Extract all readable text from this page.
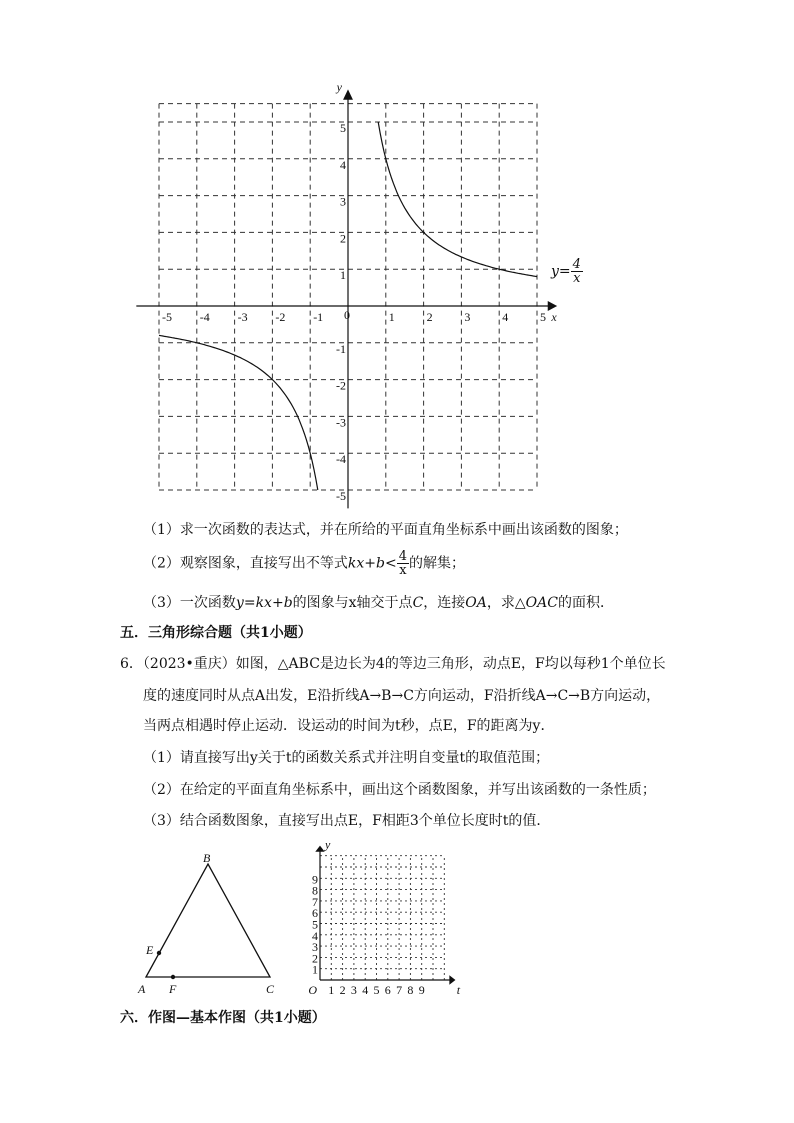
-5 -4 -3 -2 -1	1	2	3	4	5
5
4
3
2
1
-1
-2
-3
-4
-5
0	x
y
$y= \frac{4}{x}$
（1）求一次函数的表达式，并在所给的平面直角坐标系中画出该函数的图象；
（2）观察图象，直接写出不等式$kx+b< \frac{4}{x}$ 的解集；
（3）一次函数y=kx+b的图象与x轴交于点C，连接OA，求△OAC的面积．
五．三角形综合题（共1小题）
6．（2023•重庆）如图，△ABC是边长为4的等边三角形，动点E，F均以每秒1个单位长
度的速度同时从点A出发，E沿折线A→B→C方向运动，F沿折线A→C→B方向运动，
当两点相遇时停止运动．设运动的时间为t秒，点E，F的距离为y．
（1）请直接写出y关于t的函数关系式并注明自变量t的取值范围；
（2）在给定的平面直角坐标系中，画出这个函数图象，并写出该函数的一条性质；
（3）结合函数图象，直接写出点E，F相距3个单位长度时t的值．
B
E
A F	C
9
8
7
6
5
4
3
2
1
1 2 3 4 5 6 7 8 9
O	t
y
六．作图—基本作图（共1小题）
